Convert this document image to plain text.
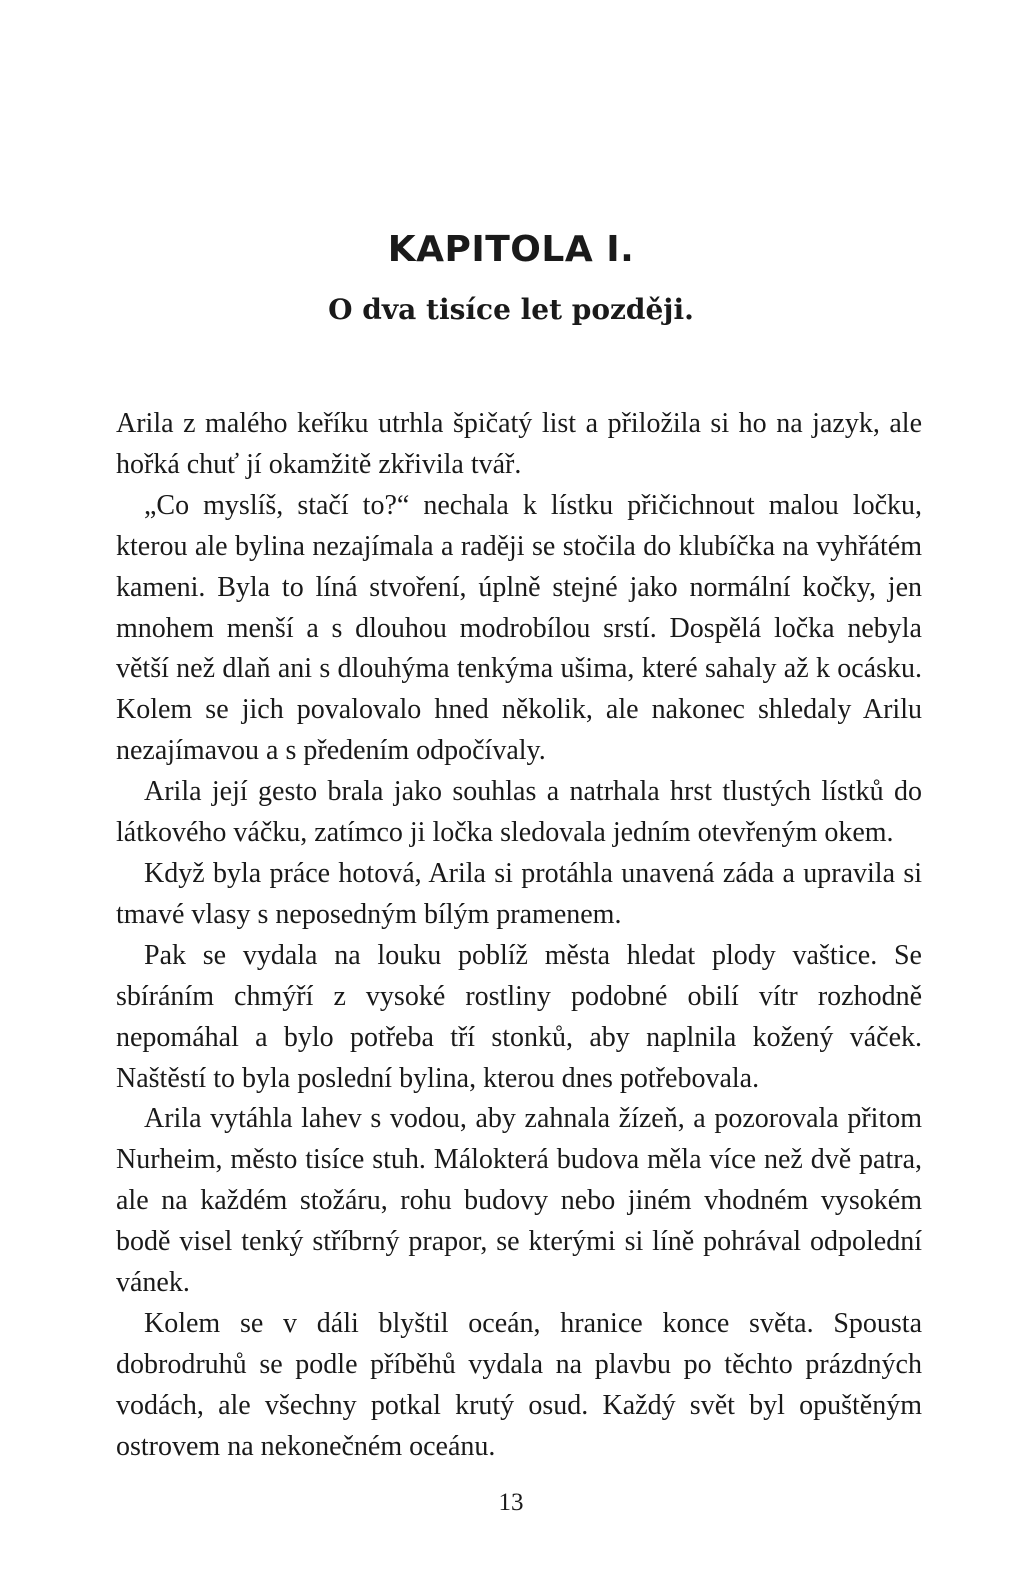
KAPITOLA I.
O dva tisíce let později.

Arila z malého keříku utrhla špičatý list a přiložila si ho na jazyk, ale hořká chuť jí okamžitě zkřivila tvář.

„Co myslíš, stačí to?“ nechala k lístku přičichnout malou ločku, kterou ale bylina nezajímala a raději se stočila do klubíčka na vyhřátém kameni. Byla to líná stvoření, úplně stejné jako normální kočky, jen mnohem menší a s dlouhou modrobílou srstí. Dospělá ločka nebyla větší než dlaň ani s dlouhýma tenkýma ušima, které sahaly až k ocásku. Kolem se jich povalovalo hned několik, ale nakonec shledaly Arilu nezajímavou a s předením odpočívaly.

Arila její gesto brala jako souhlas a natrhala hrst tlustých lístků do látkového váčku, zatímco ji ločka sledovala jedním otevřeným okem.

Když byla práce hotová, Arila si protáhla unavená záda a upravila si tmavé vlasy s neposedným bílým pramenem.

Pak se vydala na louku poblíž města hledat plody vaštice. Se sbíráním chmýří z vysoké rostliny podobné obilí vítr rozhodně nepomáhal a bylo potřeba tří stonků, aby naplnila kožený váček. Naštěstí to byla poslední bylina, kterou dnes potřebovala.

Arila vytáhla lahev s vodou, aby zahnala žízeň, a pozorovala přitom Nurheim, město tisíce stuh. Málokterá budova měla více než dvě patra, ale na každém stožáru, rohu budovy nebo jiném vhodném vysokém bodě visel tenký stříbrný prapor, se kterými si líně pohrával odpolední vánek.

Kolem se v dáli blyštil oceán, hranice konce světa. Spousta dobrodruhů se podle příběhů vydala na plavbu po těchto prázdných vodách, ale všechny potkal krutý osud. Každý svět byl opuštěným ostrovem na nekonečném oceánu.

13
